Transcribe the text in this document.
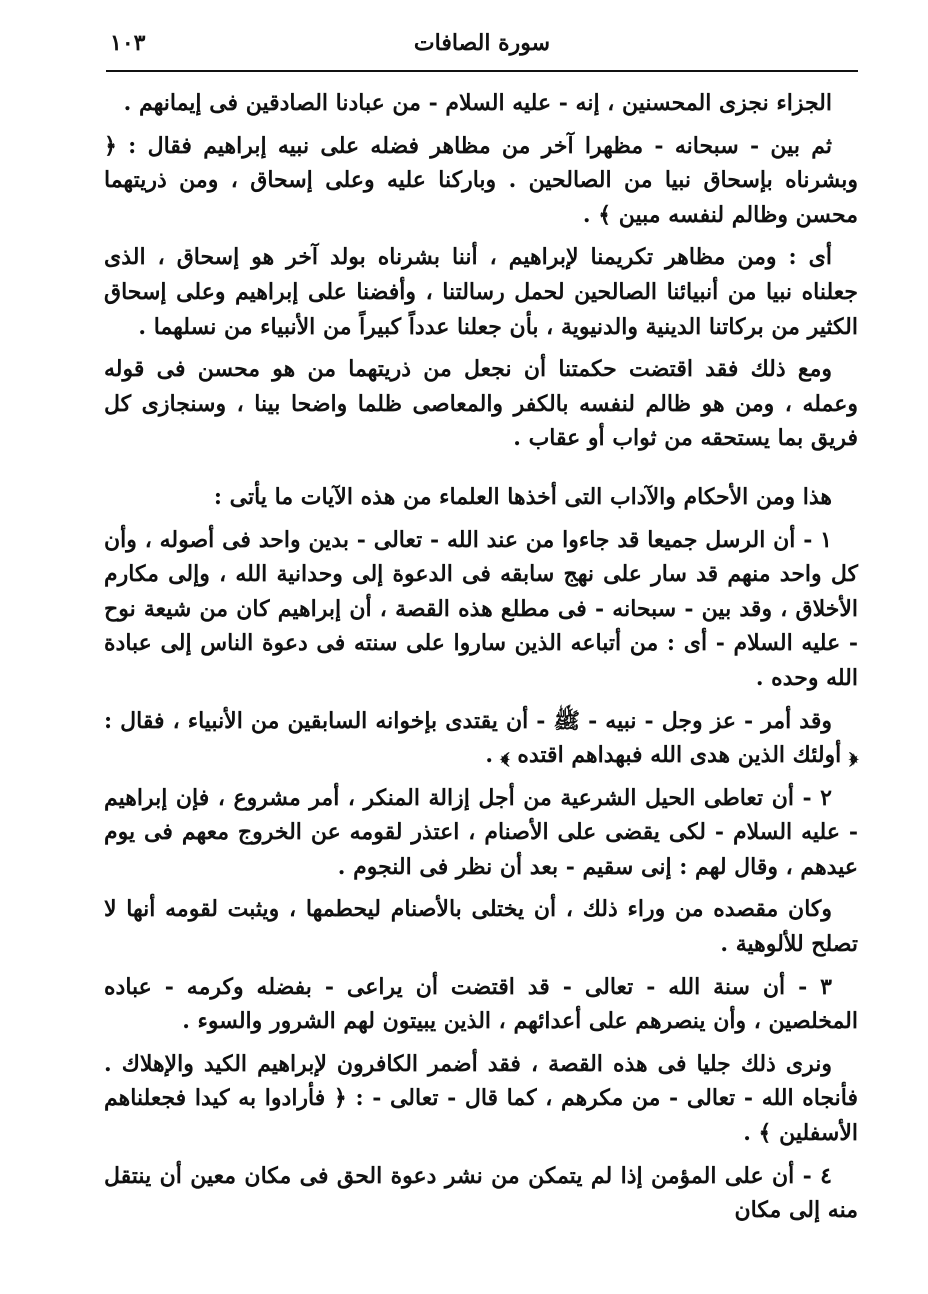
سورة الصافات
١٠٣

الجزاء نجزى المحسنين ، إنه - عليه السلام - من عبادنا الصادقين فى إيمانهم .

ثم بين - سبحانه - مظهرا آخر من مظاهر فضله على نبيه إبراهيم فقال : ﴿ وبشرناه بإسحاق نبيا من الصالحين . وباركنا عليه وعلى إسحاق ، ومن ذريتهما محسن وظالم لنفسه مبين ﴾ .

أى : ومن مظاهر تكريمنا لإبراهيم ، أننا بشرناه بولد آخر هو إسحاق ، الذى جعلناه نبيا من أنبيائنا الصالحين لحمل رسالتنا ، وأفضنا على إبراهيم وعلى إسحاق الكثير من بركاتنا الدينية والدنيوية ، بأن جعلنا عدداً كبيراً من الأنبياء من نسلهما .

ومع ذلك فقد اقتضت حكمتنا أن نجعل من ذريتهما من هو محسن فى قوله وعمله ، ومن هو ظالم لنفسه بالكفر والمعاصى ظلما واضحا بينا ، وسنجازى كل فريق بما يستحقه من ثواب أو عقاب .

هذا ومن الأحكام والآداب التى أخذها العلماء من هذه الآيات ما يأتى :

١ - أن الرسل جميعا قد جاءوا من عند الله - تعالى - بدين واحد فى أصوله ، وأن كل واحد منهم قد سار على نهج سابقه فى الدعوة إلى وحدانية الله ، وإلى مكارم الأخلاق ، وقد بين - سبحانه - فى مطلع هذه القصة ، أن إبراهيم كان من شيعة نوح - عليه السلام - أى : من أتباعه الذين ساروا على سنته فى دعوة الناس إلى عبادة الله وحده .

وقد أمر - عز وجل - نبيه - ﷺ - أن يقتدى بإخوانه السابقين من الأنبياء ، فقال : ﴿ أولئك الذين هدى الله فبهداهم اقتده ﴾ .

٢ - أن تعاطى الحيل الشرعية من أجل إزالة المنكر ، أمر مشروع ، فإن إبراهيم - عليه السلام - لكى يقضى على الأصنام ، اعتذر لقومه عن الخروج معهم فى يوم عيدهم ، وقال لهم : إنى سقيم - بعد أن نظر فى النجوم .

وكان مقصده من وراء ذلك ، أن يختلى بالأصنام ليحطمها ، ويثبت لقومه أنها لا تصلح للألوهية .

٣ - أن سنة الله - تعالى - قد اقتضت أن يراعى - بفضله وكرمه - عباده المخلصين ، وأن ينصرهم على أعدائهم ، الذين يبيتون لهم الشرور والسوء .

ونرى ذلك جليا فى هذه القصة ، فقد أضمر الكافرون لإبراهيم الكيد والإهلاك . فأنجاه الله - تعالى - من مكرهم ، كما قال - تعالى - : ﴿ فأرادوا به كيدا فجعلناهم الأسفلين ﴾ .

٤ - أن على المؤمن إذا لم يتمكن من نشر دعوة الحق فى مكان معين أن ينتقل منه إلى مكان
